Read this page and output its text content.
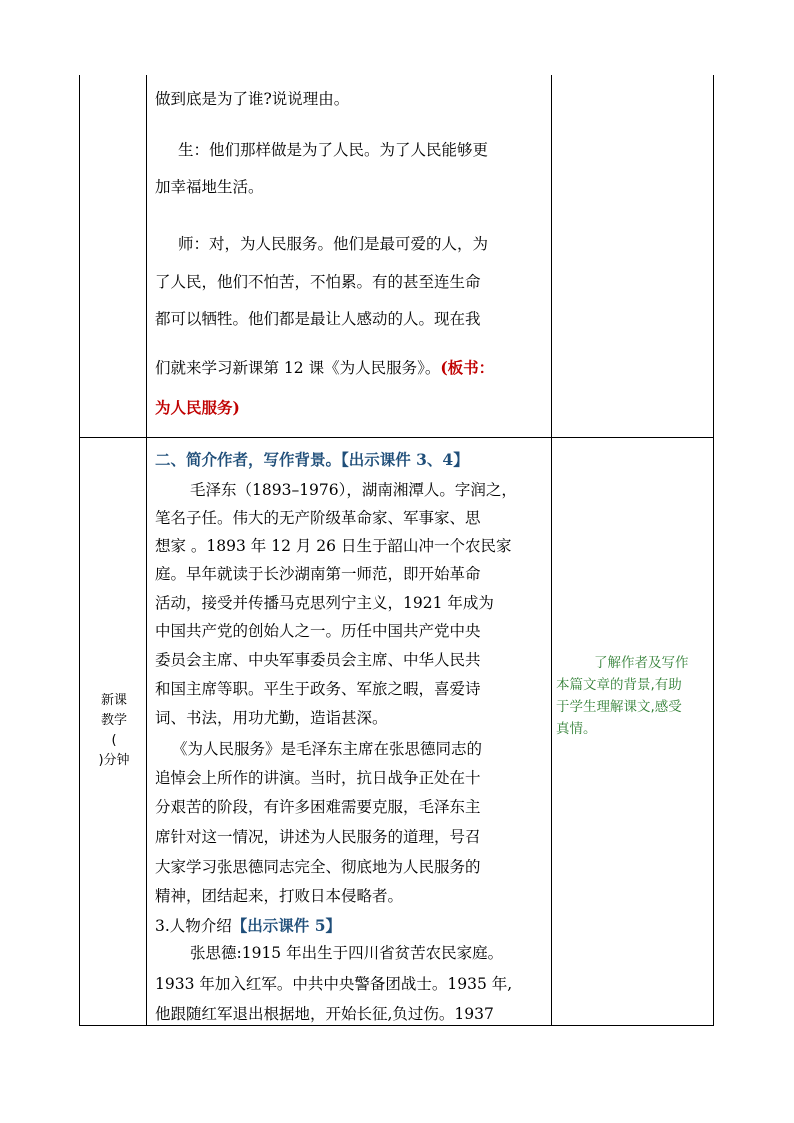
做到底是为了谁?说说理由。
生：他们那样做是为了人民。为了人民能够更
加幸福地生活。
师：对，为人民服务。他们是最可爱的人，为
了人民，他们不怕苦，不怕累。有的甚至连生命
都可以牺牲。他们都是最让人感动的人。现在我
们就来学习新课第 12 课《为人民服务》。(板书：
为人民服务)
新课
教学
(
)分钟
二、简介作者，写作背景。【出示课件 3、4】
毛泽东（1893–1976），湖南湘潭人。字润之，
笔名子任。伟大的无产阶级革命家、军事家、思
想家 。1893 年 12 月 26 日生于韶山冲一个农民家
庭。早年就读于长沙湖南第一师范，即开始革命
活动，接受并传播马克思列宁主义，1921 年成为
中国共产党的创始人之一。历任中国共产党中央
委员会主席、中央军事委员会主席、中华人民共
和国主席等职。平生于政务、军旅之暇，喜爱诗
词、书法，用功尤勤，造诣甚深。
《为人民服务》是毛泽东主席在张思德同志的
追悼会上所作的讲演。当时，抗日战争正处在十
分艰苦的阶段，有许多困难需要克服，毛泽东主
席针对这一情况，讲述为人民服务的道理，号召
大家学习张思德同志完全、彻底地为人民服务的
精神，团结起来，打败日本侵略者。
3.人物介绍【出示课件 5】
张思德:1915 年出生于四川省贫苦农民家庭。
1933 年加入红军。中共中央警备团战士。1935 年,
他跟随红军退出根据地，开始长征,负过伤。1937
了解作者及写作
本篇文章的背景,有助
于学生理解课文,感受
真情。
